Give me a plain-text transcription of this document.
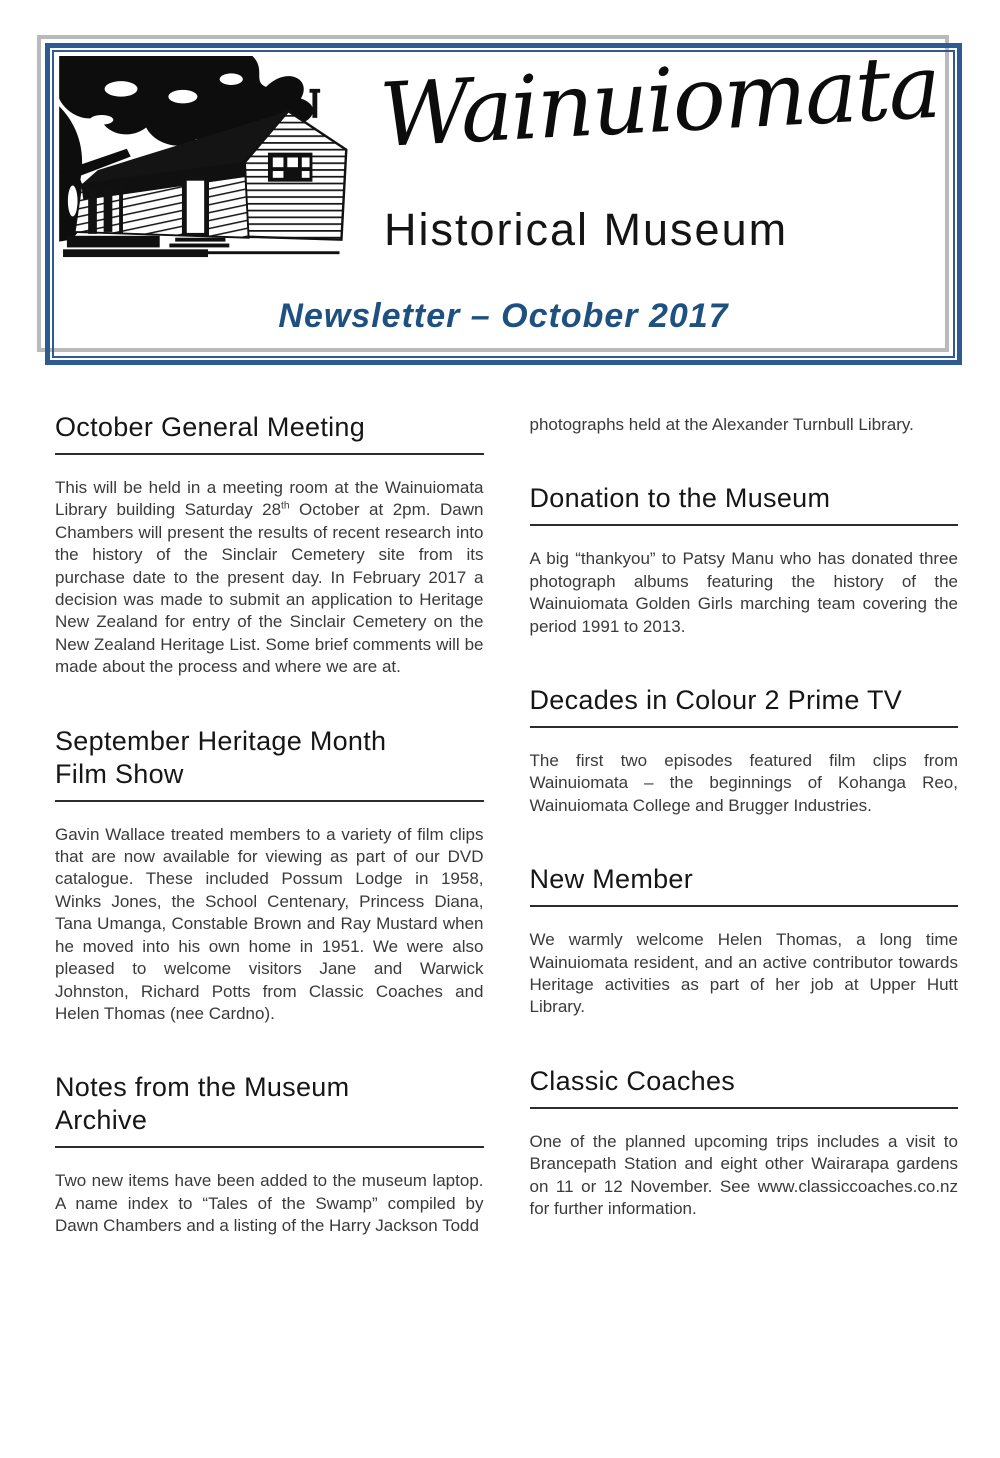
Wainuiomata
Historical Museum
Newsletter – October 2017
October General Meeting

This will be held in a meeting room at the Wainuiomata Library building Saturday 28th October at 2pm. Dawn Chambers will present the results of recent research into the history of the Sinclair Cemetery site from its purchase date to the present day. In February 2017 a decision was made to submit an application to Heritage New Zealand for entry of the Sinclair Cemetery on the New Zealand Heritage List. Some brief comments will be made about the process and where we are at.

September Heritage Month
Film Show

Gavin Wallace treated members to a variety of film clips that are now available for viewing as part of our DVD catalogue. These included Possum Lodge in 1958, Winks Jones, the School Centenary, Princess Diana, Tana Umanga, Constable Brown and Ray Mustard when he moved into his own home in 1951. We were also pleased to welcome visitors Jane and Warwick Johnston, Richard Potts from Classic Coaches and Helen Thomas (nee Cardno).

Notes from the Museum
Archive

Two new items have been added to the museum laptop. A name index to “Tales of the Swamp” compiled by Dawn Chambers and a listing of the Harry Jackson Todd

photographs held at the Alexander Turnbull Library.

Donation to the Museum

A big “thankyou” to Patsy Manu who has donated three photograph albums featuring the history of the Wainuiomata Golden Girls marching team covering the period 1991 to 2013.

Decades in Colour 2 Prime TV

The first two episodes featured film clips from Wainuiomata – the beginnings of Kohanga Reo, Wainuiomata College and Brugger Industries.

New Member

We warmly welcome Helen Thomas, a long time Wainuiomata resident, and an active contributor towards Heritage activities as part of her job at Upper Hutt Library.

Classic Coaches

One of the planned upcoming trips includes a visit to Brancepath Station and eight other Wairarapa gardens on 11 or 12 November. See www.classiccoaches.co.nz for further information.
